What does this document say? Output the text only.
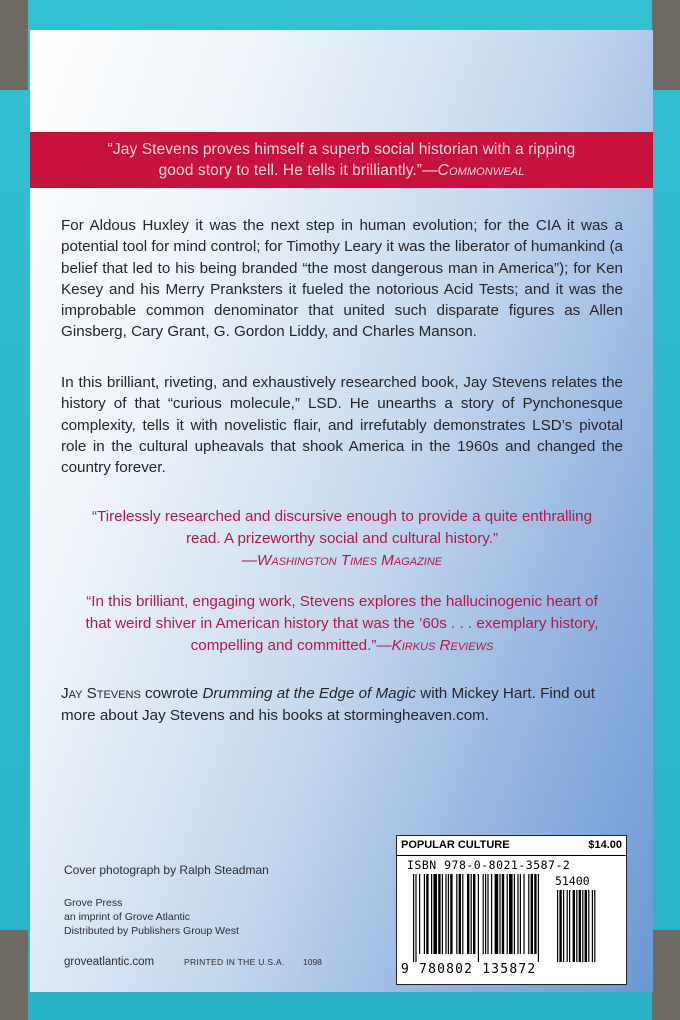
“Jay Stevens proves himself a superb social historian with a ripping
good story to tell. He tells it brilliantly.”—Commonweal
For Aldous Huxley it was the next step in human evolution; for the CIA it was a potential tool for mind control; for Timothy Leary it was the liberator of humankind (a belief that led to his being branded “the most dangerous man in America”); for Ken Kesey and his Merry Pranksters it fueled the notorious Acid Tests; and it was the improbable common denominator that united such disparate figures as Allen Ginsberg, Cary Grant, G. Gordon Liddy, and Charles Manson.
In this brilliant, riveting, and exhaustively researched book, Jay Stevens relates the history of that “curious molecule,” LSD. He unearths a story of Pynchonesque complexity, tells it with novelistic flair, and irrefutably demonstrates LSD’s pivotal role in the cultural upheavals that shook America in the 1960s and changed the country forever.
“Tirelessly researched and discursive enough to provide a quite enthralling
read. A prizeworthy social and cultural history.”
—Washington Times Magazine
“In this brilliant, engaging work, Stevens explores the hallucinogenic heart of
that weird shiver in American history that was the ’60s . . . exemplary history,
compelling and committed.”—Kirkus Reviews
Jay Stevens cowrote Drumming at the Edge of Magic with Mickey Hart. Find out more about Jay Stevens and his books at stormingheaven.com.
Cover photograph by Ralph Steadman
Grove Press
an imprint of Grove Atlantic
Distributed by Publishers Group West
groveatlantic.com	PRINTED IN THE U.S.A. 1098
POPULAR CULTURE	$14.00
ISBN 978-0-8021-3587-2
51400
9 780802 135872
